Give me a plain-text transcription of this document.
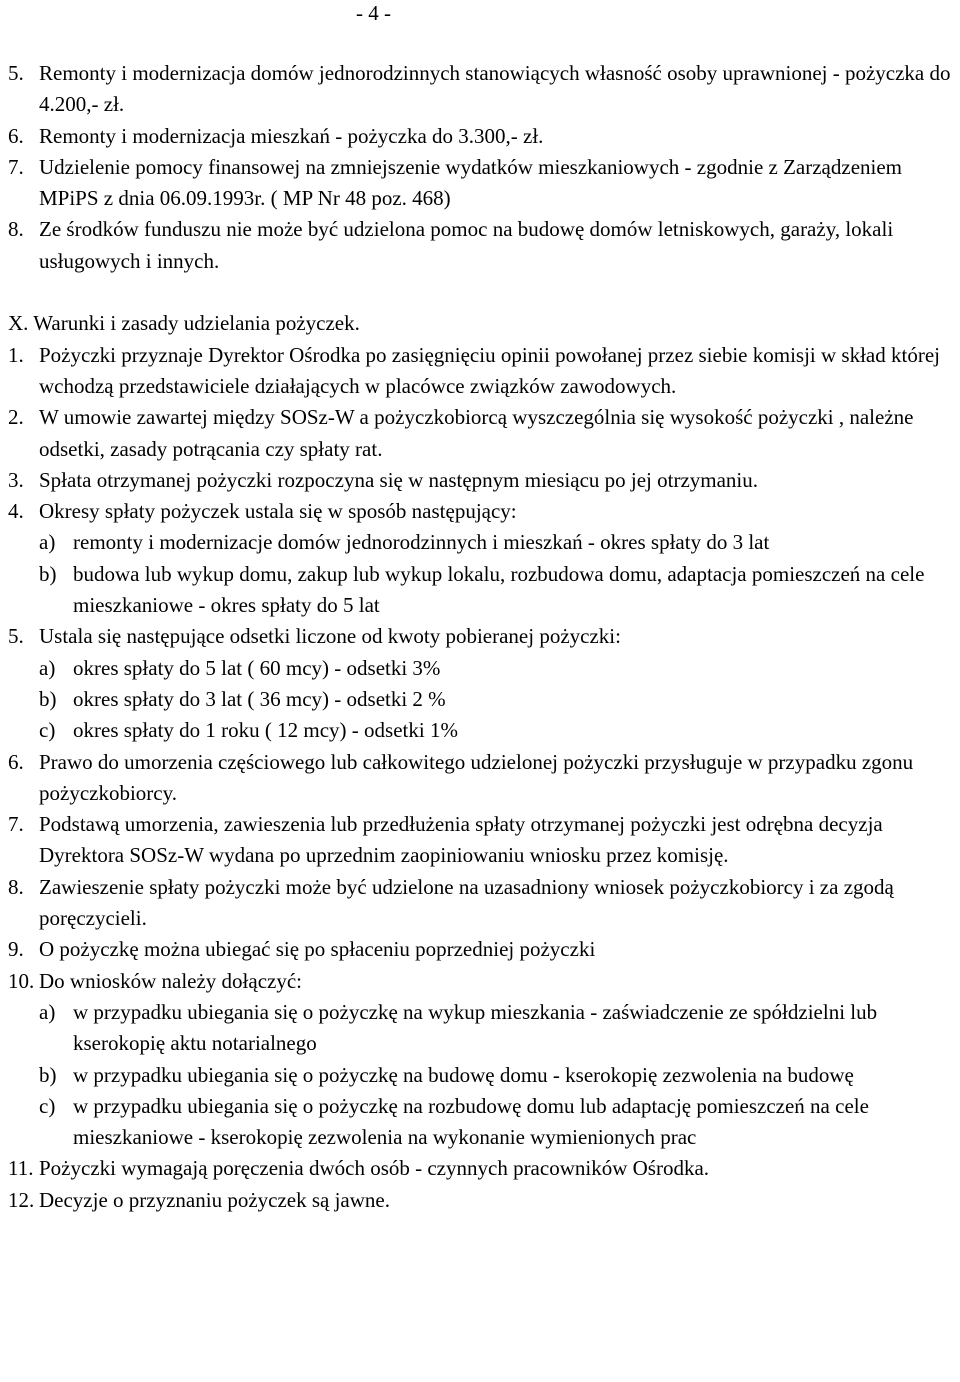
- 4 -
5. Remonty i modernizacja domów jednorodzinnych stanowiących własność osoby uprawnionej - pożyczka do 4.200,- zł.
6. Remonty i modernizacja mieszkań - pożyczka do 3.300,- zł.
7. Udzielenie pomocy finansowej na zmniejszenie wydatków mieszkaniowych - zgodnie z Zarządzeniem MPiPS z dnia 06.09.1993r. ( MP Nr 48 poz. 468)
8. Ze środków funduszu nie może być udzielona pomoc na budowę domów letniskowych, garaży, lokali usługowych i innych.
X. Warunki i zasady udzielania pożyczek.
1. Pożyczki przyznaje Dyrektor Ośrodka po zasięgnięciu opinii powołanej przez siebie komisji w skład której wchodzą przedstawiciele działających w placówce związków zawodowych.
2. W umowie zawartej między SOSz-W a pożyczkobiorcą wyszczególnia się wysokość pożyczki , należne odsetki, zasady potrącania czy spłaty rat.
3. Spłata otrzymanej pożyczki rozpoczyna się w następnym miesiącu po jej otrzymaniu.
4. Okresy spłaty pożyczek ustala się w sposób następujący:
a) remonty i modernizacje domów jednorodzinnych i mieszkań - okres spłaty do 3 lat
b) budowa lub wykup domu, zakup lub wykup lokalu, rozbudowa domu, adaptacja pomieszczeń na cele mieszkaniowe - okres spłaty do 5 lat
5. Ustala się następujące odsetki liczone od kwoty pobieranej pożyczki:
a) okres spłaty do 5 lat ( 60 mcy) - odsetki 3%
b) okres spłaty do 3 lat ( 36 mcy) - odsetki 2 %
c) okres spłaty do 1 roku ( 12 mcy) - odsetki 1%
6. Prawo do umorzenia częściowego lub całkowitego udzielonej pożyczki przysługuje w przypadku zgonu pożyczkobiorcy.
7. Podstawą umorzenia, zawieszenia lub przedłużenia spłaty otrzymanej pożyczki jest odrębna decyzja Dyrektora SOSz-W wydana po uprzednim zaopiniowaniu wniosku przez komisję.
8. Zawieszenie spłaty pożyczki może być udzielone na uzasadniony wniosek pożyczkobiorcy i za zgodą poręczycieli.
9. O pożyczkę można ubiegać się po spłaceniu poprzedniej pożyczki
10. Do wniosków należy dołączyć:
a) w przypadku ubiegania się o pożyczkę na wykup mieszkania - zaświadczenie ze spółdzielni lub kserokopię aktu notarialnego
b) w przypadku ubiegania się o pożyczkę na budowę domu - kserokopię zezwolenia na budowę
c) w przypadku ubiegania się o pożyczkę na rozbudowę domu lub adaptację pomieszczeń na cele mieszkaniowe - kserokopię zezwolenia na wykonanie wymienionych prac
11. Pożyczki wymagają poręczenia dwóch osób - czynnych pracowników Ośrodka.
12. Decyzje o przyznaniu pożyczek są jawne.
